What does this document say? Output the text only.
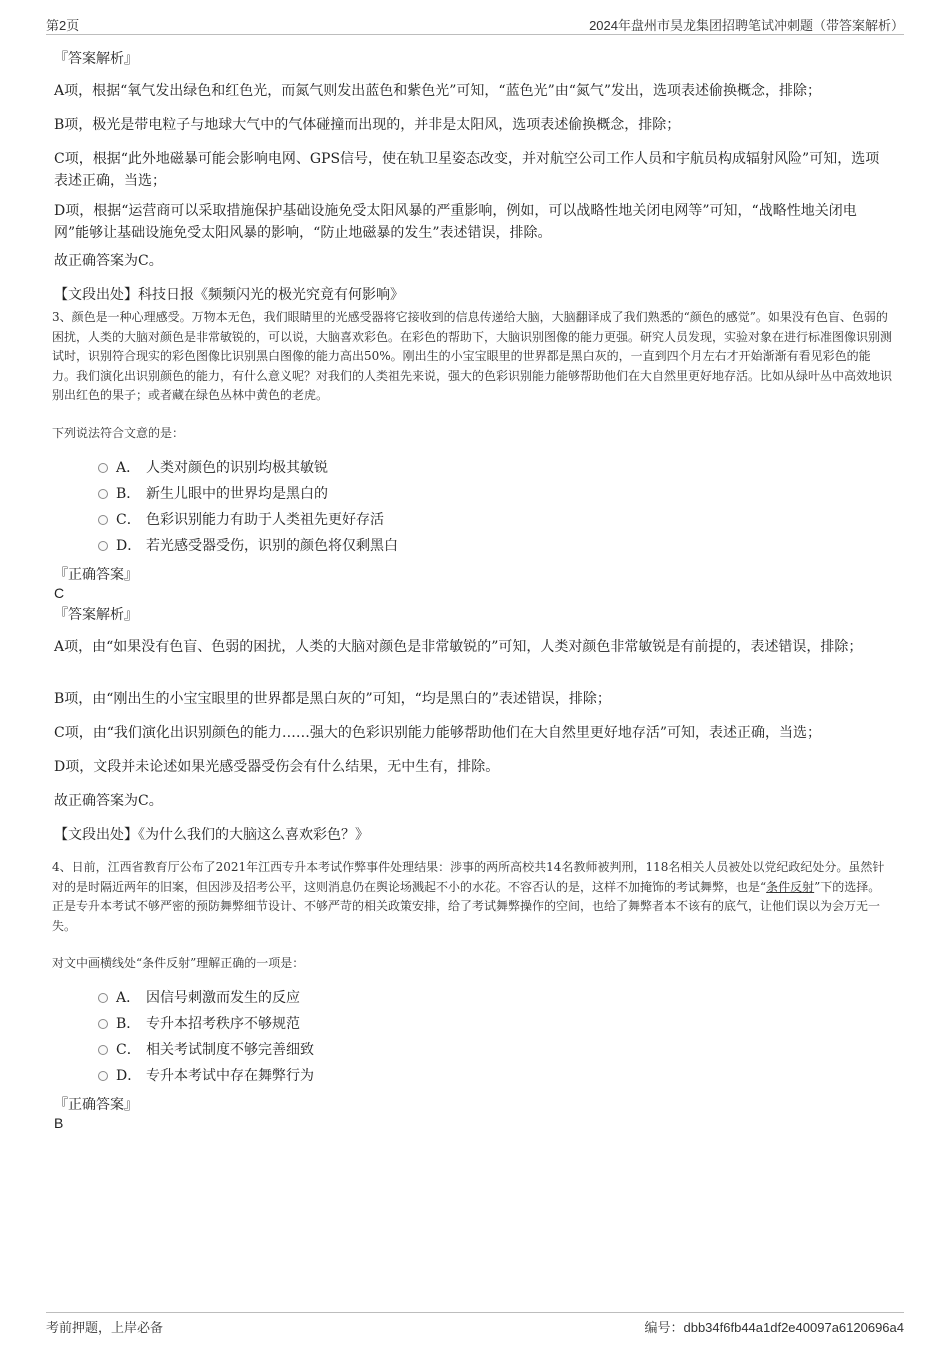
第2页	2024年盘州市昊龙集团招聘笔试冲刺题（带答案解析）
『答案解析』
A项，根据“氧气发出绿色和红色光，而氮气则发出蓝色和紫色光”可知，“蓝色光”由“氮气”发出，选项表述偷换概念，排除；
B项，极光是带电粒子与地球大气中的气体碰撞而出现的，并非是太阳风，选项表述偷换概念，排除；
C项，根据“此外地磁暴可能会影响电网、GPS信号，使在轨卫星姿态改变，并对航空公司工作人员和宇航员构成辐射风险”可知，选项表述正确，当选；
D项，根据“运营商可以采取措施保护基础设施免受太阳风暴的严重影响，例如，可以战略性地关闭电网等”可知，“战略性地关闭电网”能够让基础设施免受太阳风暴的影响，“防止地磁暴的发生”表述错误，排除。
故正确答案为C。
【文段出处】科技日报《频频闪光的极光究竟有何影响》
3、颜色是一种心理感受。万物本无色，我们眼睛里的光感受器将它接收到的信息传递给大脑，大脑翻译成了我们熟悉的“颜色的感觉”。如果没有色盲、色弱的困扰，人类的大脑对颜色是非常敏锐的，可以说，大脑喜欢彩色。在彩色的帮助下，大脑识别图像的能力更强。研究人员发现，实验对象在进行标准图像识别测试时，识别符合现实的彩色图像比识别黑白图像的能力高出50%。刚出生的小宝宝眼里的世界都是黑白灰的，一直到四个月左右才开始渐渐有看见彩色的能力。我们演化出识别颜色的能力，有什么意义呢？对我们的人类祖先来说，强大的色彩识别能力能够帮助他们在大自然里更好地存活。比如从绿叶丛中高效地识别出红色的果子；或者藏在绿色丛林中黄色的老虎。
下列说法符合文意的是：
A． 人类对颜色的识别均极其敏锐
B． 新生儿眼中的世界均是黑白的
C． 色彩识别能力有助于人类祖先更好存活
D． 若光感受器受伤，识别的颜色将仅剩黑白
『正确答案』
C
『答案解析』
A项，由“如果没有色盲、色弱的困扰，人类的大脑对颜色是非常敏锐的”可知，人类对颜色非常敏锐是有前提的，表述错误，排除；
B项，由“刚出生的小宝宝眼里的世界都是黑白灰的”可知，“均是黑白的”表述错误，排除；
C项，由“我们演化出识别颜色的能力……强大的色彩识别能力能够帮助他们在大自然里更好地存活”可知，表述正确，当选；
D项，文段并未论述如果光感受器受伤会有什么结果，无中生有，排除。
故正确答案为C。
【文段出处】《为什么我们的大脑这么喜欢彩色？》
4、日前，江西省教育厅公布了2021年江西专升本考试作弊事件处理结果：涉事的两所高校共14名教师被判刑，118名相关人员被处以党纪政纪处分。虽然针对的是时隔近两年的旧案，但因涉及招考公平，这则消息仍在舆论场溅起不小的水花。不容否认的是，这样不加掩饰的考试舞弊，也是“条件反射”下的选择。正是专升本考试不够严密的预防舞弊细节设计、不够严苛的相关政策安排，给了考试舞弊操作的空间，也给了舞弊者本不该有的底气，让他们误以为会万无一失。
对文中画横线处“条件反射”理解正确的一项是：
A． 因信号刺激而发生的反应
B． 专升本招考秩序不够规范
C． 相关考试制度不够完善细致
D． 专升本考试中存在舞弊行为
『正确答案』
B
考前押题，上岸必备	编号：dbb34f6fb44a1df2e40097a6120696a4
